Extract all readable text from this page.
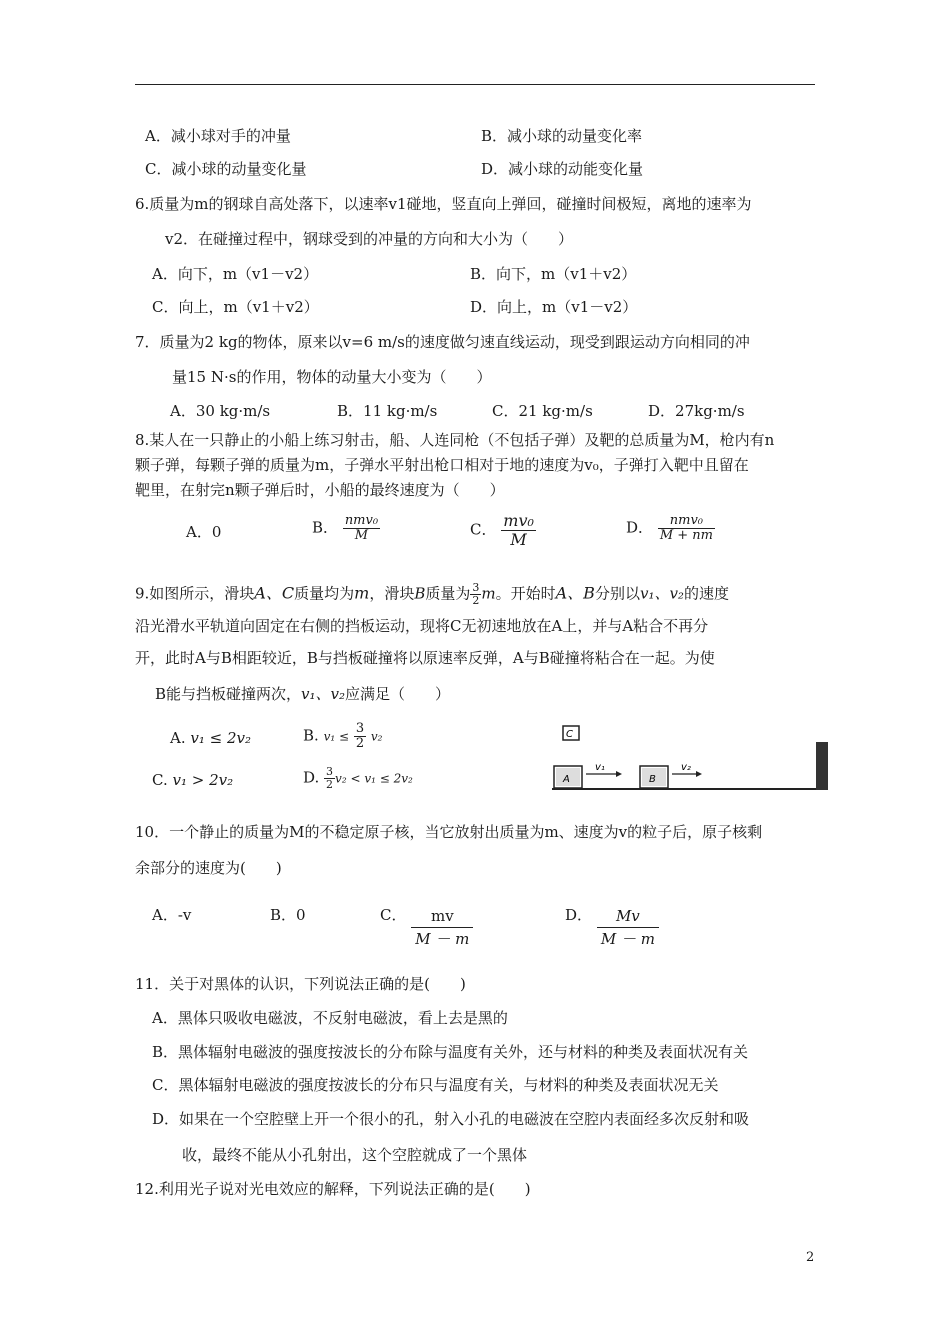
A．减小球对手的冲量	B．减小球的动量变化率
C．减小球的动量变化量	D．减小球的动能变化量
6.质量为m的钢球自高处落下，以速率v1碰地，竖直向上弹回，碰撞时间极短，离地的速率为
v2．在碰撞过程中，钢球受到的冲量的方向和大小为（　　）
A．向下，m（v1－v2）	B．向下，m（v1＋v2）
C．向上，m（v1＋v2）	D．向上，m（v1－v2）
7．质量为2 kg的物体，原来以v=6 m/s的速度做匀速直线运动，现受到跟运动方向相同的冲
量15 N·s的作用，物体的动量大小变为（　　）
A．30 kg·m/s	B．11 kg·m/s	C．21 kg·m/s	D．27kg·m/s
8.某人在一只静止的小船上练习射击，船、人连同枪（不包括子弹）及靶的总质量为M，枪内有n
颗子弹，每颗子弹的质量为m，子弹水平射出枪口相对于地的速度为v₀，子弹打入靶中且留在
靶里，在射完n颗子弹后时，小船的最终速度为（　　）
A．0	B． $\frac{\text{nmv₀}}{M}$	C． $\frac{\text{mv₀}}{M}$	D． $\frac{\text{nmv₀}}{M + nm}$
9.如图所示，滑块A、C质量均为m，滑块B质量为 $\frac{3}{2}$ m。开始时A、B分别以v₁、v₂的速度
沿光滑水平轨道向固定在右侧的挡板运动，现将C无初速地放在A上，并与A粘合不再分
开，此时A与B相距较近，B与挡板碰撞将以原速率反弹，A与B碰撞将粘合在一起。为使
B能与挡板碰撞两次，v₁、v₂应满足（　　）
A. v₁ ≤ 2v₂	B. $v_1 \le \frac{3}{2} v_2$
C. v₁ > 2v₂	D. $\frac{3}{2} v_2 < v_1 \le 2v_2$
C
A
v₁
B
v₂
10．一个静止的质量为M的不稳定原子核，当它放射出质量为m、速度为v的粒子后，原子核剩
余部分的速度为(　　)
A．-v	B．0	C． $\frac{mv}{M - m}$	D． $\frac{Mv}{M - m}$
11．关于对黑体的认识，下列说法正确的是(　　)
A．黑体只吸收电磁波，不反射电磁波，看上去是黑的
B．黑体辐射电磁波的强度按波长的分布除与温度有关外，还与材料的种类及表面状况有关
C．黑体辐射电磁波的强度按波长的分布只与温度有关，与材料的种类及表面状况无关
D．如果在一个空腔壁上开一个很小的孔，射入小孔的电磁波在空腔内表面经多次反射和吸
收，最终不能从小孔射出，这个空腔就成了一个黑体
12.利用光子说对光电效应的解释，下列说法正确的是(　　)
2
